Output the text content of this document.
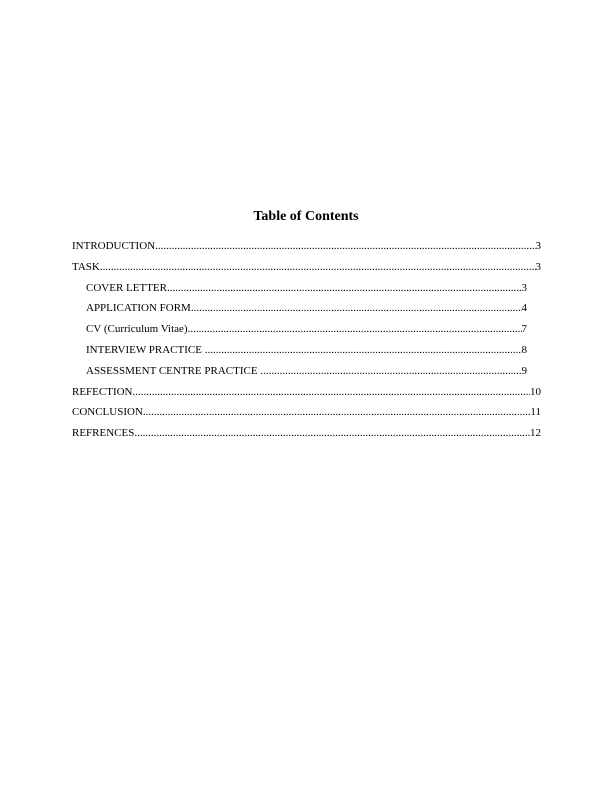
Table of Contents
INTRODUCTION .....	3
TASK .....	3
COVER LETTER .....	3
APPLICATION FORM .....	4
CV (Curriculum Vitae) .....	7
INTERVIEW PRACTICE .....	8
ASSESSMENT CENTRE PRACTICE .....	9
REFECTION .....	10
CONCLUSION .....	11
REFRENCES .....	12
